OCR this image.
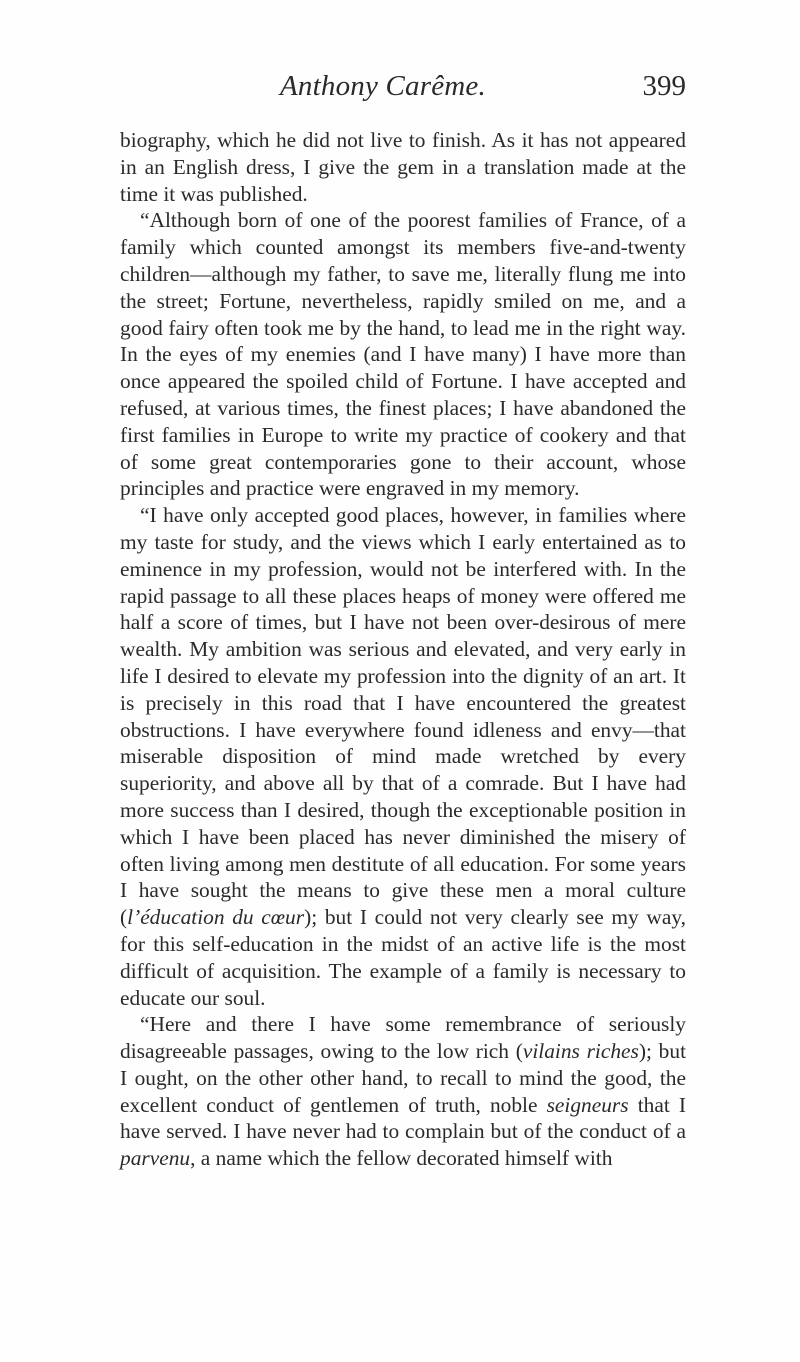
Anthony Carême.	399

biography, which he did not live to finish. As it has not appeared in an English dress, I give the gem in a translation made at the time it was published.

“Although born of one of the poorest families of France, of a family which counted amongst its members five-and-twenty children—although my father, to save me, literally flung me into the street; Fortune, nevertheless, rapidly smiled on me, and a good fairy often took me by the hand, to lead me in the right way. In the eyes of my enemies (and I have many) I have more than once appeared the spoiled child of Fortune. I have accepted and refused, at various times, the finest places; I have abandoned the first families in Europe to write my practice of cookery and that of some great contemporaries gone to their account, whose principles and practice were engraved in my memory.

“I have only accepted good places, however, in families where my taste for study, and the views which I early entertained as to eminence in my profession, would not be interfered with. In the rapid passage to all these places heaps of money were offered me half a score of times, but I have not been over-desirous of mere wealth. My ambition was serious and elevated, and very early in life I desired to elevate my profession into the dignity of an art. It is precisely in this road that I have encountered the greatest obstructions. I have everywhere found idleness and envy—that miserable disposition of mind made wretched by every superiority, and above all by that of a comrade. But I have had more success than I desired, though the exceptionable position in which I have been placed has never diminished the misery of often living among men destitute of all education. For some years I have sought the means to give these men a moral culture (l’éducation du cœur); but I could not very clearly see my way, for this self-education in the midst of an active life is the most difficult of acquisition. The example of a family is necessary to educate our soul.

“Here and there I have some remembrance of seriously disagreeable passages, owing to the low rich (vilains riches); but I ought, on the other other hand, to recall to mind the good, the excellent conduct of gentlemen of truth, noble seigneurs that I have served. I have never had to complain but of the conduct of a parvenu, a name which the fellow decorated himself with
